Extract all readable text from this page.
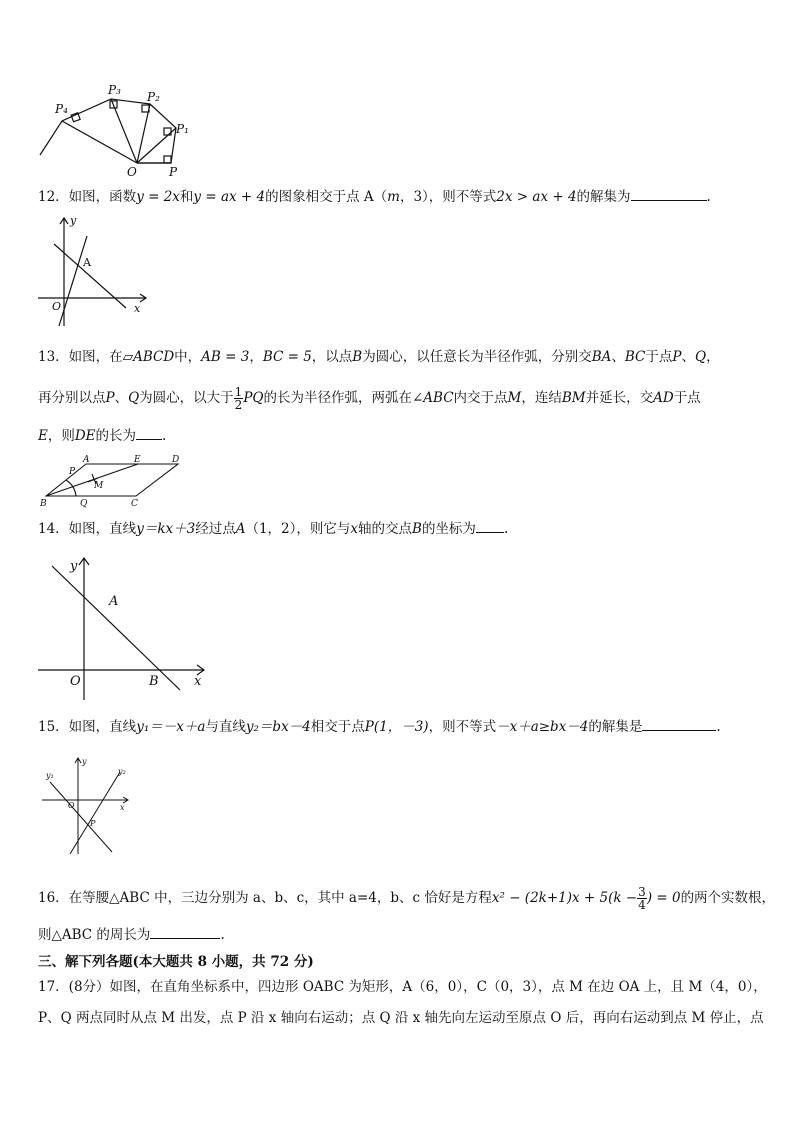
P₄
P₃ P₂
P₁
O	P
12．如图，函数y = 2x和y = ax + 4的图象相交于点 A（m，3），则不等式2x > ax + 4的解集为	.
y
A
O	x
13．如图，在▱ABCD中，AB = 3，BC = 5，以点B为圆心，以任意长为半径作弧，分别交BA、BC于点P、Q，
再分别以点P、Q为圆心，以大于 $\frac{1}{2}$ PQ的长为半径作弧，两弧在∠ABC内交于点M，连结BM并延长，交AD于点
E，则DE的长为 .
A	E	D
P
M
B	Q	C
14．如图，直线y＝kx＋3经过点A（1，2），则它与x轴的交点B的坐标为 .
y
A
O	B	x
15．如图，直线y₁＝－x＋a与直线y₂＝bx－4相交于点P(1，－3)，则不等式－x＋a≥bx－4的解集是	.
y₁
y
y₂
O	x
P
16．在等腰△ABC 中，三边分别为 a、b、c，其中 a=4，b、c 恰好是方程$x^2 - (2k+1)x + 5(k - \frac{3}{4}$ ) = 0的两个实数根，
则△ABC 的周长为	.
三、解下列各题(本大题共 8 小题，共 72 分)
17．(8分）如图，在直角坐标系中，四边形 OABC 为矩形，A（6，0），C（0，3），点 M 在边 OA 上，且 M（4，0），
P、Q 两点同时从点 M 出发，点 P 沿 x 轴向右运动；点 Q 沿 x 轴先向左运动至原点 O 后，再向右运动到点 M 停止，点
